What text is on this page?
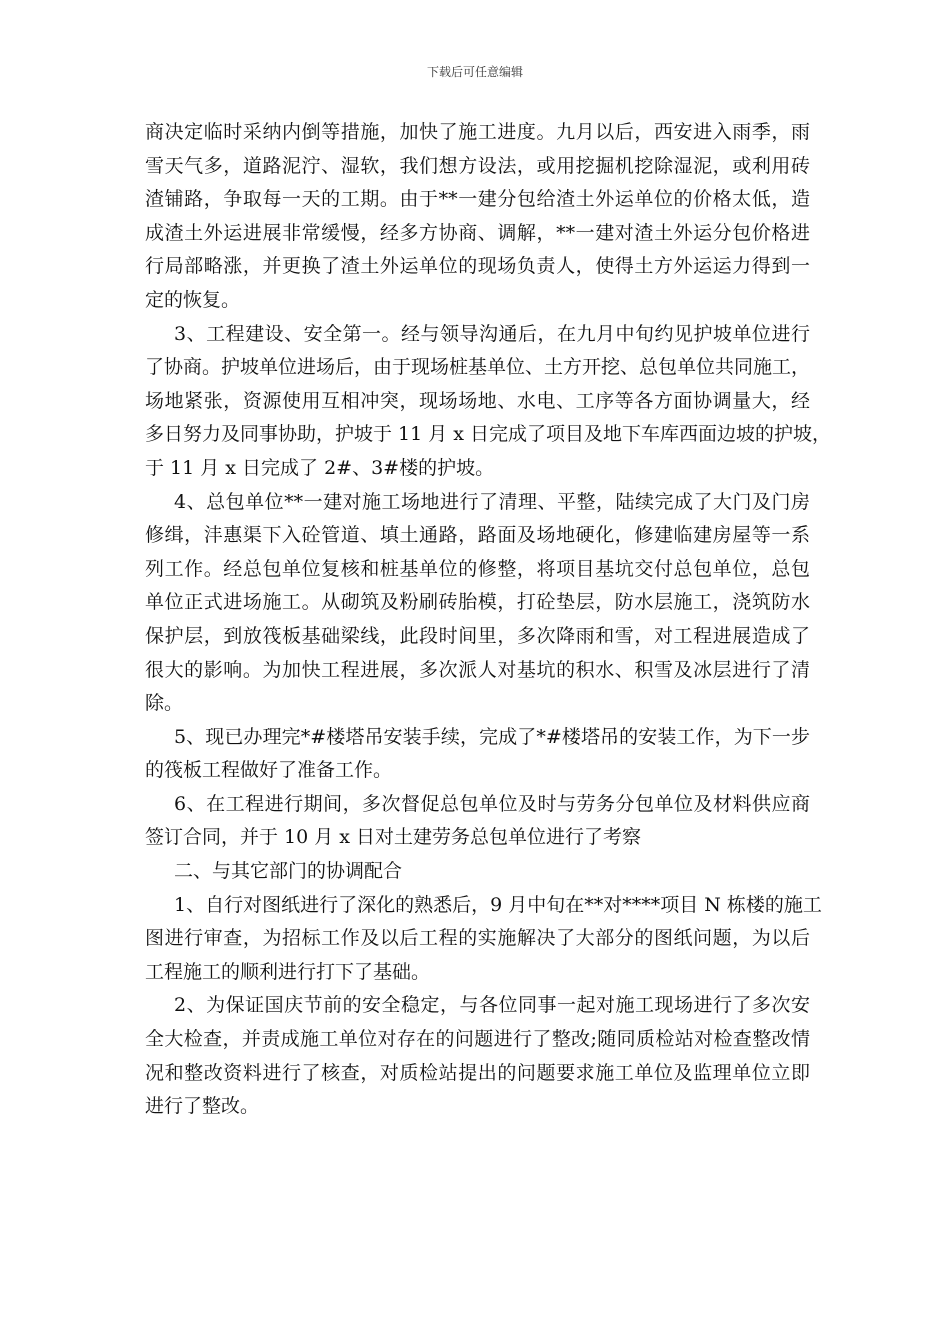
下载后可任意编辑
商决定临时采纳内倒等措施，加快了施工进度。九月以后，西安进入雨季，雨
雪天气多，道路泥泞、湿软，我们想方设法，或用挖掘机挖除湿泥，或利用砖
渣铺路，争取每一天的工期。由于**一建分包给渣土外运单位的价格太低，造
成渣土外运进展非常缓慢，经多方协商、调解，**一建对渣土外运分包价格进
行局部略涨，并更换了渣土外运单位的现场负责人，使得土方外运运力得到一
定的恢复。
3、工程建设、安全第一。经与领导沟通后，在九月中旬约见护坡单位进行
了协商。护坡单位进场后，由于现场桩基单位、土方开挖、总包单位共同施工，
场地紧张，资源使用互相冲突，现场场地、水电、工序等各方面协调量大，经
多日努力及同事协助，护坡于 11 月 x 日完成了项目及地下车库西面边坡的护坡，
于 11 月 x 日完成了 2#、3#楼的护坡。
4、总包单位**一建对施工场地进行了清理、平整，陆续完成了大门及门房
修缉，沣惠渠下入砼管道、填土通路，路面及场地硬化，修建临建房屋等一系
列工作。经总包单位复核和桩基单位的修整，将项目基坑交付总包单位，总包
单位正式进场施工。从砌筑及粉刷砖胎模，打砼垫层，防水层施工，浇筑防水
保护层，到放筏板基础梁线，此段时间里，多次降雨和雪，对工程进展造成了
很大的影响。为加快工程进展，多次派人对基坑的积水、积雪及冰层进行了清
除。
5、现已办理完*#楼塔吊安装手续，完成了*#楼塔吊的安装工作，为下一步
的筏板工程做好了准备工作。
6、在工程进行期间，多次督促总包单位及时与劳务分包单位及材料供应商
签订合同，并于 10 月 x 日对土建劳务总包单位进行了考察
二、与其它部门的协调配合
1、自行对图纸进行了深化的熟悉后，9 月中旬在**对****项目 N 栋楼的施工
图进行审查，为招标工作及以后工程的实施解决了大部分的图纸问题，为以后
工程施工的顺利进行打下了基础。
2、为保证国庆节前的安全稳定，与各位同事一起对施工现场进行了多次安
全大检查，并责成施工单位对存在的问题进行了整改;随同质检站对检查整改情
况和整改资料进行了核查，对质检站提出的问题要求施工单位及监理单位立即
进行了整改。
